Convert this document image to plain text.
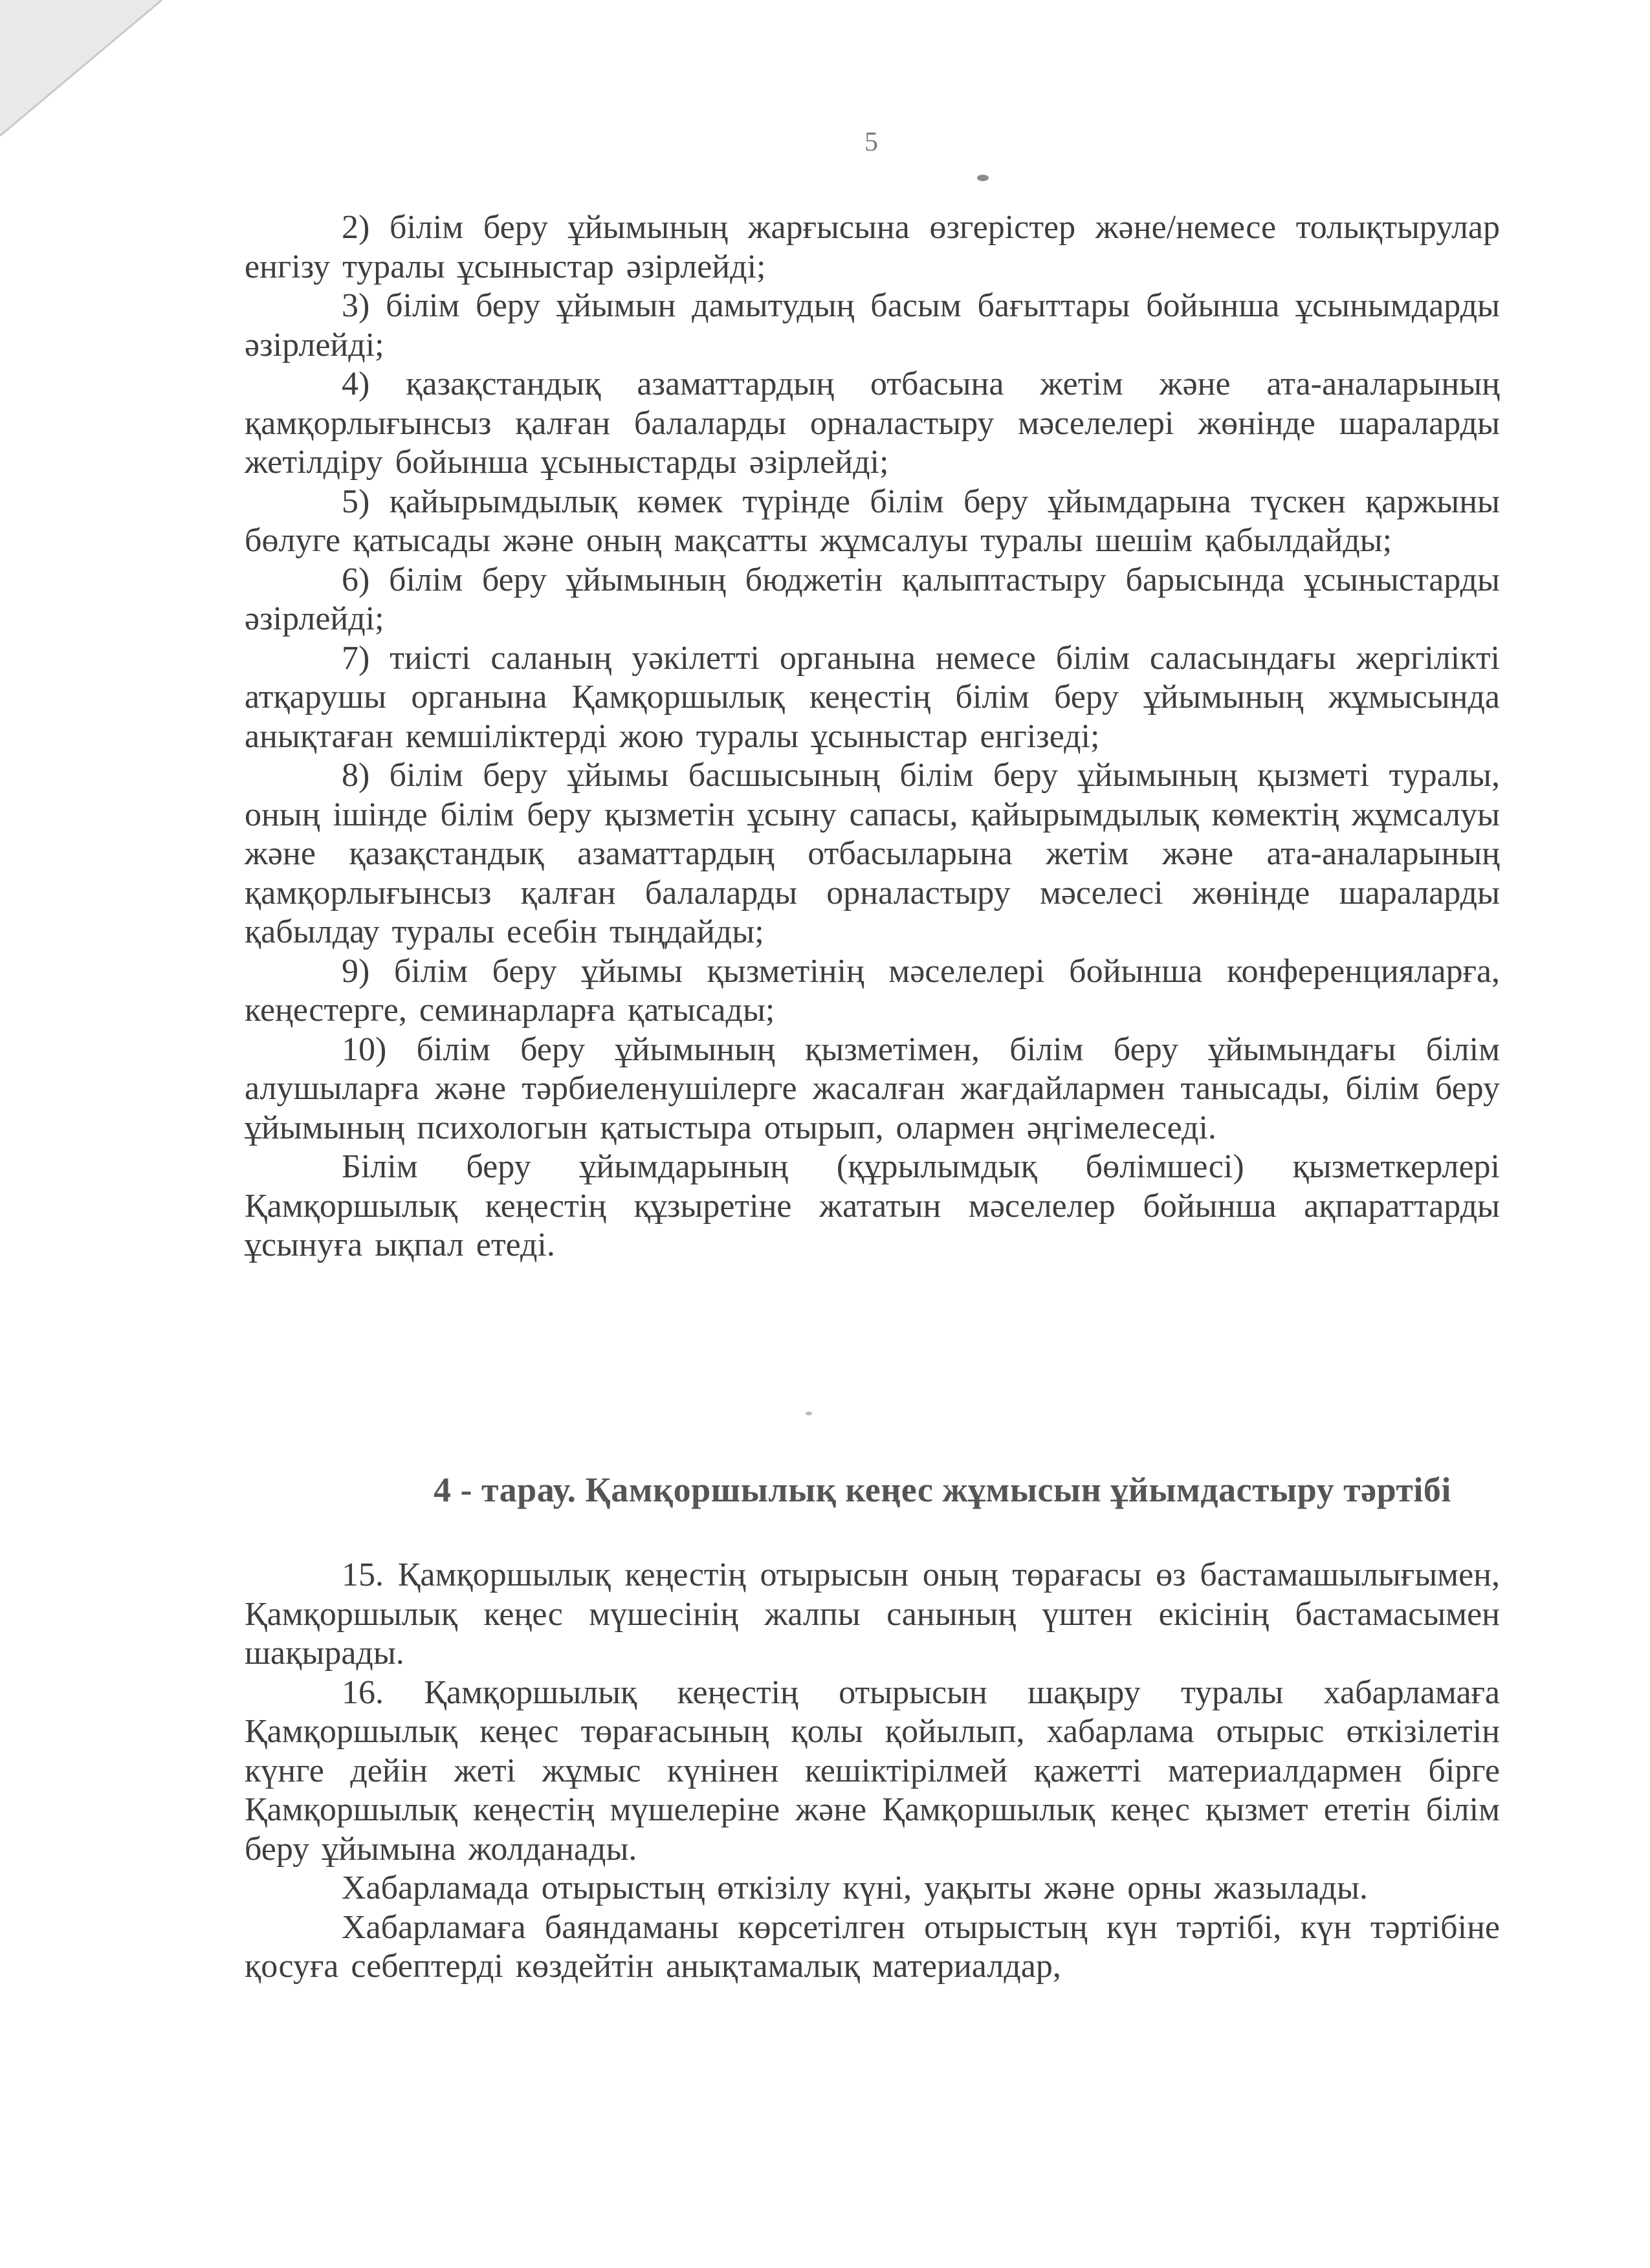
5

2) білім беру ұйымының жарғысына өзгерістер және/немесе толықтырулар енгізу туралы ұсыныстар әзірлейді;

3) білім беру ұйымын дамытудың басым бағыттары бойынша ұсынымдарды әзірлейді;

4) қазақстандық азаматтардың отбасына жетім және ата-аналарының қамқорлығынсыз қалған балаларды орналастыру мәселелері жөнінде шараларды жетілдіру бойынша ұсыныстарды әзірлейді;

5) қайырымдылық көмек түрінде білім беру ұйымдарына түскен қаржыны бөлуге қатысады және оның мақсатты жұмсалуы туралы шешім қабылдайды;

6) білім беру ұйымының бюджетін қалыптастыру барысында ұсыныстарды әзірлейді;

7) тиісті саланың уәкілетті органына немесе білім саласындағы жергілікті атқарушы органына Қамқоршылық кеңестің білім беру ұйымының жұмысында анықтаған кемшіліктерді жою туралы ұсыныстар енгізеді;

8) білім беру ұйымы басшысының білім беру ұйымының қызметі туралы, оның ішінде білім беру қызметін ұсыну сапасы, қайырымдылық көмектің жұмсалуы және қазақстандық азаматтардың отбасыларына жетім және ата-аналарының қамқорлығынсыз қалған балаларды орналастыру мәселесі жөнінде шараларды қабылдау туралы есебін тыңдайды;

9) білім беру ұйымы қызметінің мәселелері бойынша конференцияларға, кеңестерге, семинарларға қатысады;

10) білім беру ұйымының қызметімен, білім беру ұйымындағы білім алушыларға және тәрбиеленушілерге жасалған жағдайлармен танысады, білім беру ұйымының психологын қатыстыра отырып, олармен әңгімелеседі.

Білім беру ұйымдарының (құрылымдық бөлімшесі) қызметкерлері Қамқоршылық кеңестің құзыретіне жататын мәселелер бойынша ақпараттарды ұсынуға ықпал етеді.

4 - тарау. Қамқоршылық кеңес жұмысын ұйымдастыру тәртібі

15. Қамқоршылық кеңестің отырысын оның төрағасы өз бастамашылығымен, Қамқоршылық кеңес мүшесінің жалпы санының үштен екісінің бастамасымен шақырады.

16. Қамқоршылық кеңестің отырысын шақыру туралы хабарламаға Қамқоршылық кеңес төрағасының қолы қойылып, хабарлама отырыс өткізілетін күнге дейін жеті жұмыс күнінен кешіктірілмей қажетті материалдармен бірге Қамқоршылық кеңестің мүшелеріне және Қамқоршылық кеңес қызмет ететін білім беру ұйымына жолданады.

Хабарламада отырыстың өткізілу күні, уақыты және орны жазылады.

Хабарламаға баяндаманы көрсетілген отырыстың күн тәртібі, күн тәртібіне қосуға себептерді көздейтін анықтамалық материалдар,
